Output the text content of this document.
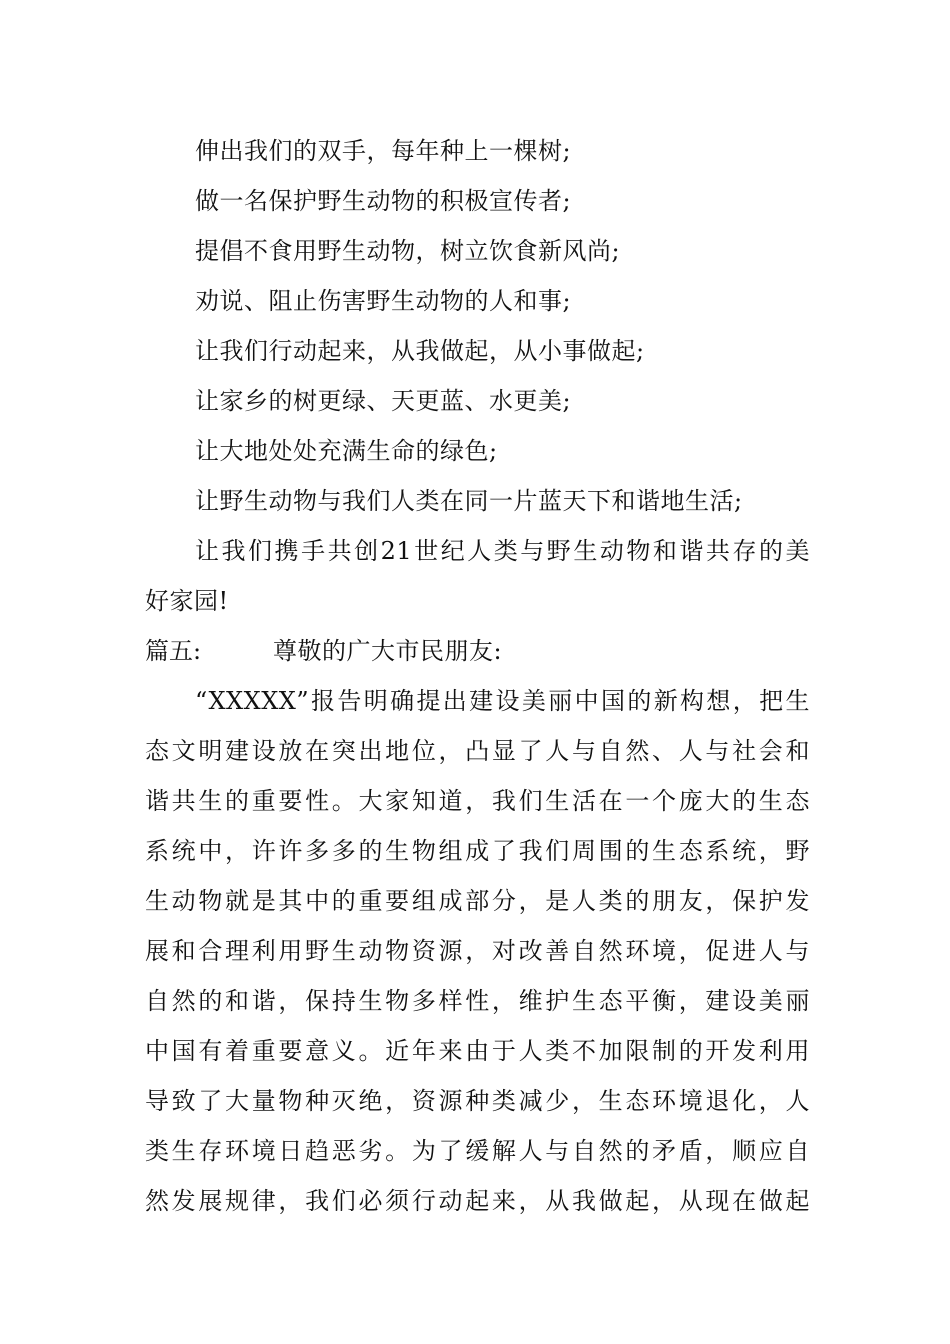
伸出我们的双手，每年种上一棵树;
做一名保护野生动物的积极宣传者;
提倡不食用野生动物，树立饮食新风尚;
劝说、阻止伤害野生动物的人和事;
让我们行动起来，从我做起，从小事做起;
让家乡的树更绿、天更蓝、水更美;
让大地处处充满生命的绿色;
让野生动物与我们人类在同一片蓝天下和谐地生活;
让我们携手共创21世纪人类与野生动物和谐共存的美
好家园!
篇五:	尊敬的广大市民朋友:
“XXXXX”报告明确提出建设美丽中国的新构想，把生
态文明建设放在突出地位，凸显了人与自然、人与社会和
谐共生的重要性。大家知道，我们生活在一个庞大的生态
系统中，许许多多的生物组成了我们周围的生态系统，野
生动物就是其中的重要组成部分，是人类的朋友，保护发
展和合理利用野生动物资源，对改善自然环境，促进人与
自然的和谐，保持生物多样性，维护生态平衡，建设美丽
中国有着重要意义。近年来由于人类不加限制的开发利用
导致了大量物种灭绝，资源种类减少，生态环境退化，人
类生存环境日趋恶劣。为了缓解人与自然的矛盾，顺应自
然发展规律，我们必须行动起来，从我做起，从现在做起
